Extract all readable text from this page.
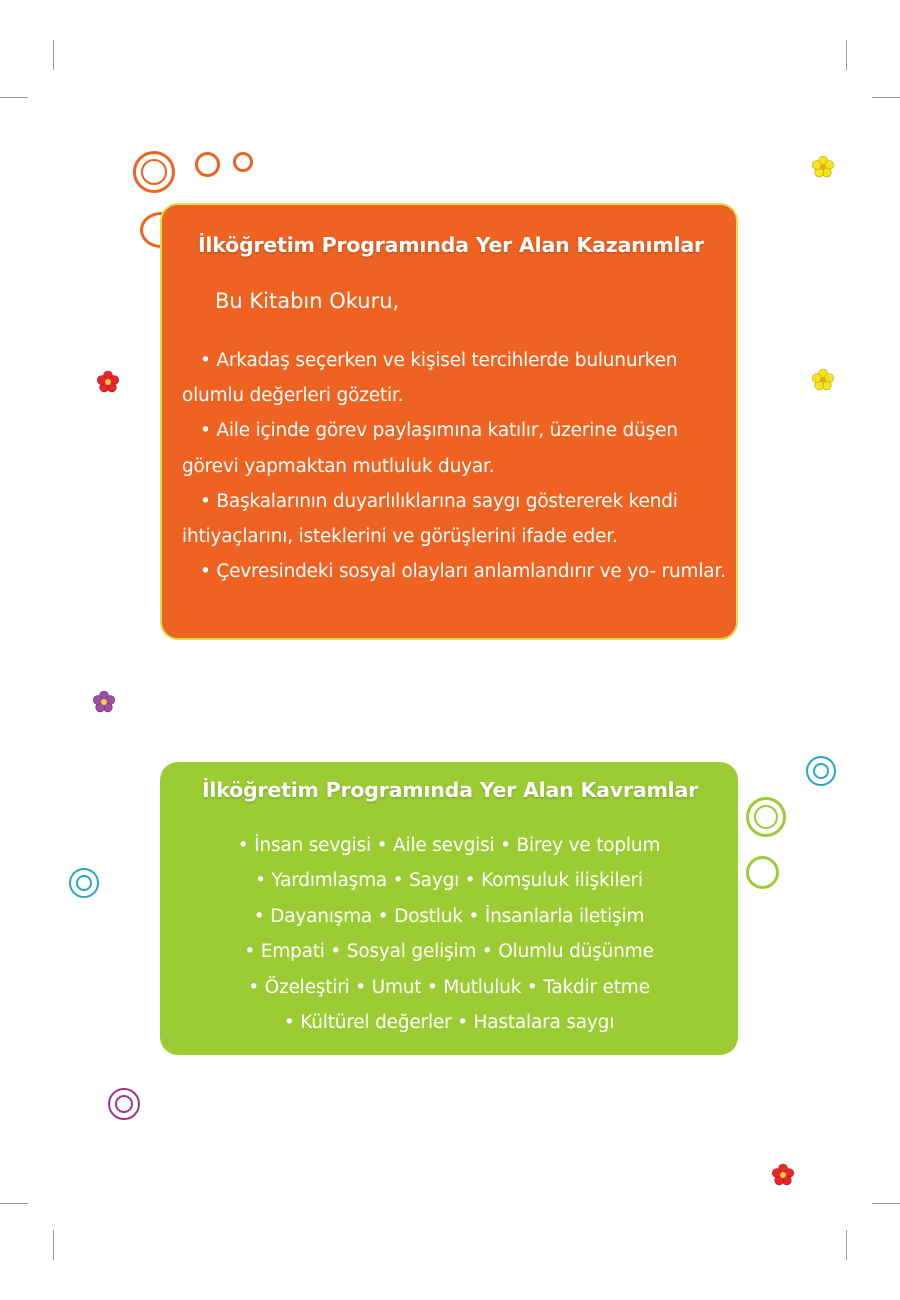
İlköğretim Programında Yer Alan Kazanımlar
Bu Kitabın Okuru,
• Arkadaş seçerken ve kişisel tercihlerde bulunurken olumlu değerleri gözetir.
• Aile içinde görev paylaşımına katılır, üzerine düşen görevi yapmaktan mutluluk duyar.
• Başkalarının duyarlılıklarına saygı göstererek kendi ihtiyaçlarını, isteklerini ve görüşlerini ifade eder.
• Çevresindeki sosyal olayları anlamlandırır ve yo- rumlar.
İlköğretim Programında Yer Alan Kavramlar
• İnsan sevgisi • Aile sevgisi • Birey ve toplum
• Yardımlaşma • Saygı • Komşuluk ilişkileri
• Dayanışma • Dostluk • İnsanlarla iletişim
• Empati • Sosyal gelişim • Olumlu düşünme
• Özeleştiri • Umut • Mutluluk • Takdir etme
• Kültürel değerler • Hastalara saygı
